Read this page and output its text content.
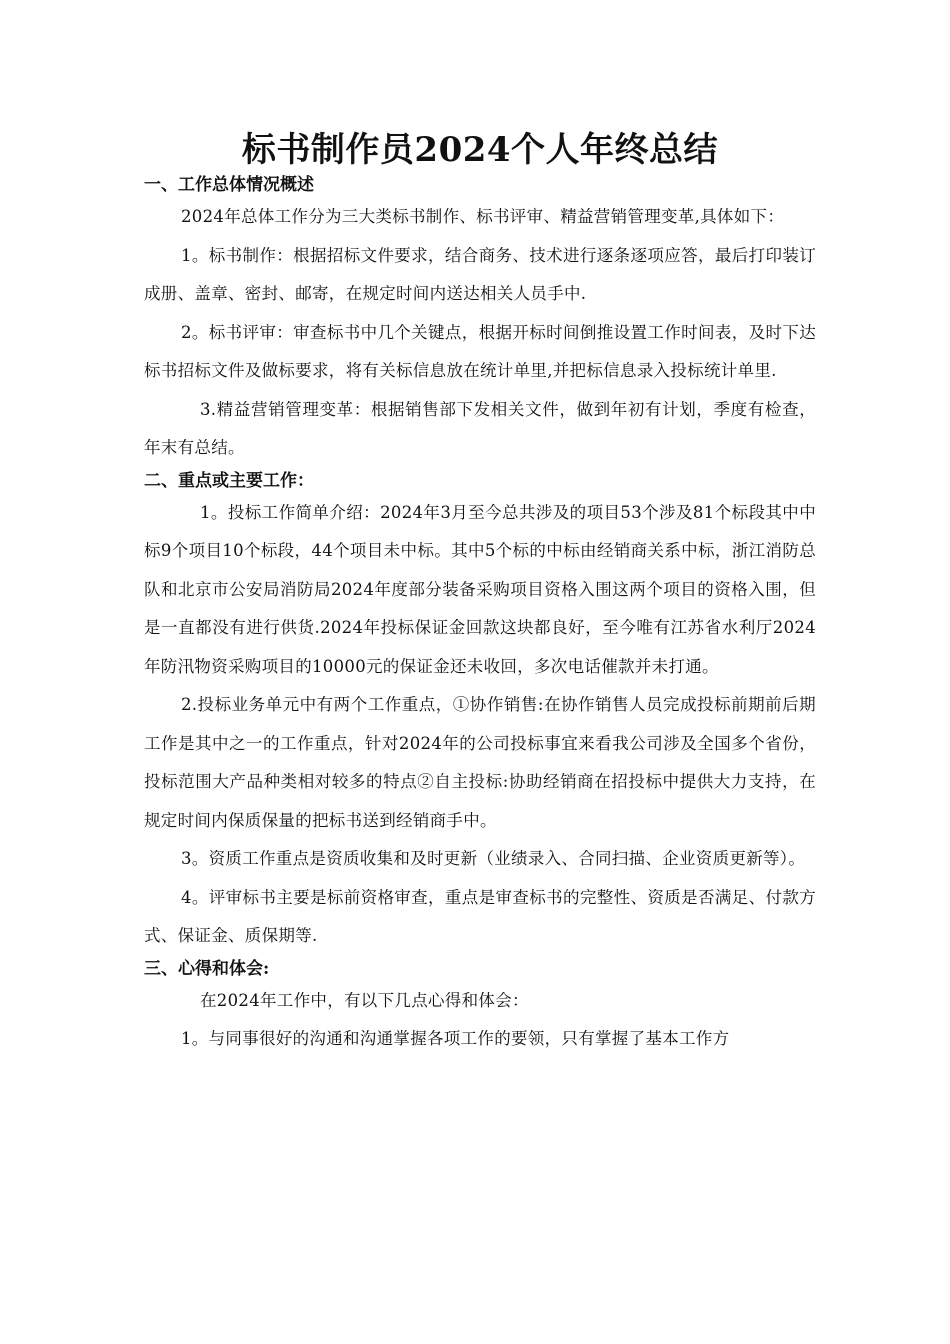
标书制作员2024个人年终总结

一、工作总体情况概述

2024年总体工作分为三大类标书制作、标书评审、精益营销管理变革,具体如下：

1。标书制作：根据招标文件要求，结合商务、技术进行逐条逐项应答，最后打印装订成册、盖章、密封、邮寄，在规定时间内送达相关人员手中.

2。标书评审：审查标书中几个关键点，根据开标时间倒推设置工作时间表，及时下达标书招标文件及做标要求，将有关标信息放在统计单里,并把标信息录入投标统计单里.

3.精益营销管理变革：根据销售部下发相关文件，做到年初有计划，季度有检查，年末有总结。

二、重点或主要工作：

1。投标工作简单介绍：2024年3月至今总共涉及的项目53个涉及81个标段其中中标9个项目10个标段，44个项目未中标。其中5个标的中标由经销商关系中标，浙江消防总队和北京市公安局消防局2024年度部分装备采购项目资格入围这两个项目的资格入围，但是一直都没有进行供货.2024年投标保证金回款这块都良好，至今唯有江苏省水利厅2024年防汛物资采购项目的10000元的保证金还未收回，多次电话催款并未打通。

2.投标业务单元中有两个工作重点，①协作销售:在协作销售人员完成投标前期前后期工作是其中之一的工作重点，针对2024年的公司投标事宜来看我公司涉及全国多个省份，投标范围大产品种类相对较多的特点②自主投标:协助经销商在招投标中提供大力支持，在规定时间内保质保量的把标书送到经销商手中。

3。资质工作重点是资质收集和及时更新（业绩录入、合同扫描、企业资质更新等）。

4。评审标书主要是标前资格审查，重点是审查标书的完整性、资质是否满足、付款方式、保证金、质保期等.

三、心得和体会:

在2024年工作中，有以下几点心得和体会：

1。与同事很好的沟通和沟通掌握各项工作的要领，只有掌握了基本工作方
